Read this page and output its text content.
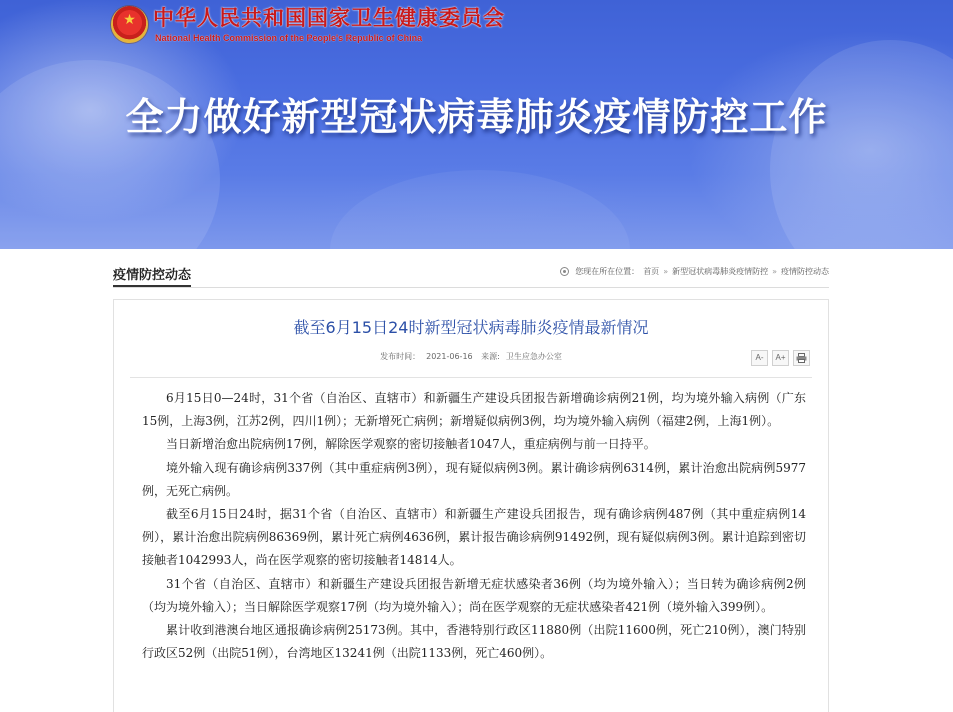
★
中华人民共和国国家卫生健康委员会
National Health Commission of the People's Republic of China
全力做好新型冠状病毒肺炎疫情防控工作
疫情防控动态	您现在所在位置： 首页 » 新型冠状病毒肺炎疫情防控 » 疫情防控动态
截至6月15日24时新型冠状病毒肺炎疫情最新情况
发布时间： 2021-06-16 来源: 卫生应急办公室	A-	A+

6月15日0—24时，31个省（自治区、直辖市）和新疆生产建设兵团报告新增确诊病例21例，均为境外输入病例（广东15例，上海3例，江苏2例，四川1例）；无新增死亡病例；新增疑似病例3例，均为境外输入病例（福建2例，上海1例）。

当日新增治愈出院病例17例，解除医学观察的密切接触者1047人，重症病例与前一日持平。

境外输入现有确诊病例337例（其中重症病例3例），现有疑似病例3例。累计确诊病例6314例，累计治愈出院病例5977例，无死亡病例。

截至6月15日24时，据31个省（自治区、直辖市）和新疆生产建设兵团报告，现有确诊病例487例（其中重症病例14例），累计治愈出院病例86369例，累计死亡病例4636例，累计报告确诊病例91492例，现有疑似病例3例。累计追踪到密切接触者1042993人，尚在医学观察的密切接触者14814人。

31个省（自治区、直辖市）和新疆生产建设兵团报告新增无症状感染者36例（均为境外输入）；当日转为确诊病例2例（均为境外输入）；当日解除医学观察17例（均为境外输入）；尚在医学观察的无症状感染者421例（境外输入399例）。

累计收到港澳台地区通报确诊病例25173例。其中，香港特别行政区11880例（出院11600例，死亡210例），澳门特别行政区52例（出院51例），台湾地区13241例（出院1133例，死亡460例）。
